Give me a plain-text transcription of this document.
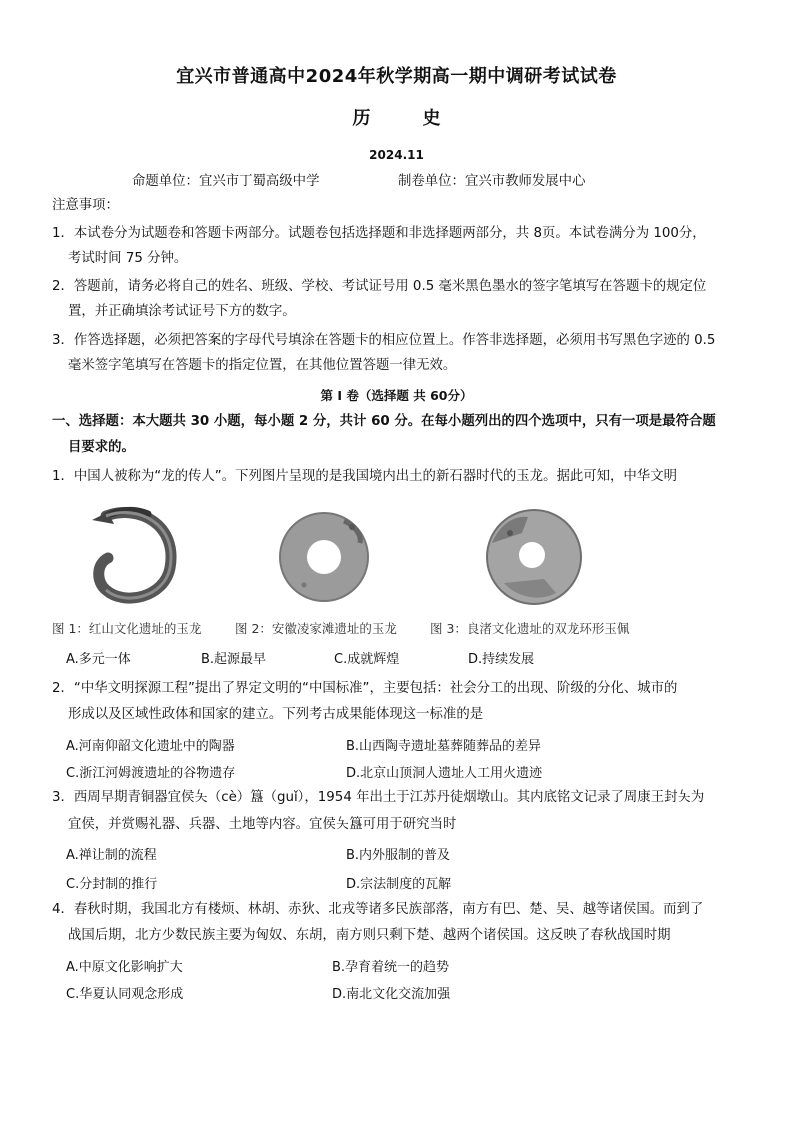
宜兴市普通高中2024年秋学期高一期中调研考试试卷
历	史
2024.11
命题单位：宜兴市丁蜀高级中学	制卷单位：宜兴市教师发展中心
注意事项：
1．本试卷分为试题卷和答题卡两部分。试题卷包括选择题和非选择题两部分，共 8页。本试卷满分为 100分，
考试时间 75 分钟。
2．答题前，请务必将自己的姓名、班级、学校、考试证号用 0.5 毫米黑色墨水的签字笔填写在答题卡的规定位
置，并正确填涂考试证号下方的数字。
3．作答选择题，必须把答案的字母代号填涂在答题卡的相应位置上。作答非选择题，必须用书写黑色字迹的 0.5
毫米签字笔填写在答题卡的指定位置，在其他位置答题一律无效。
第 I 卷（选择题 共 60分）
一、选择题：本大题共 30 小题，每小题 2 分，共计 60 分。在每小题列出的四个选项中，只有一项是最符合题
目要求的。
1．中国人被称为“龙的传人”。下列图片呈现的是我国境内出土的新石器时代的玉龙。据此可知，中华文明
图 1：红山文化遗址的玉龙	图 2：安徽凌家滩遗址的玉龙	图 3：良渚文化遗址的双龙环形玉佩
A.多元一体	B.起源最早	C.成就辉煌	D.持续发展
2．“中华文明探源工程”提出了界定文明的“中国标准”，主要包括：社会分工的出现、阶级的分化、城市的
形成以及区域性政体和国家的建立。下列考古成果能体现这一标准的是
A.河南仰韶文化遗址中的陶器	B.山西陶寺遗址墓葬随葬品的差异
C.浙江河姆渡遗址的谷物遗存	D.北京山顶洞人遗址人工用火遗迹
3．西周早期青铜器宜侯夨（cè）簋（guǐ），1954 年出土于江苏丹徒烟墩山。其内底铭文记录了周康王封夨为
宜侯，并赏赐礼器、兵器、土地等内容。宜侯夨簋可用于研究当时
A.禅让制的流程	B.内外服制的普及
C.分封制的推行	D.宗法制度的瓦解
4．春秋时期，我国北方有楼烦、林胡、赤狄、北戎等诸多民族部落，南方有巴、楚、吴、越等诸侯国。而到了
战国后期，北方少数民族主要为匈奴、东胡，南方则只剩下楚、越两个诸侯国。这反映了春秋战国时期
A.中原文化影响扩大	B.孕育着统一的趋势
C.华夏认同观念形成	D.南北文化交流加强
